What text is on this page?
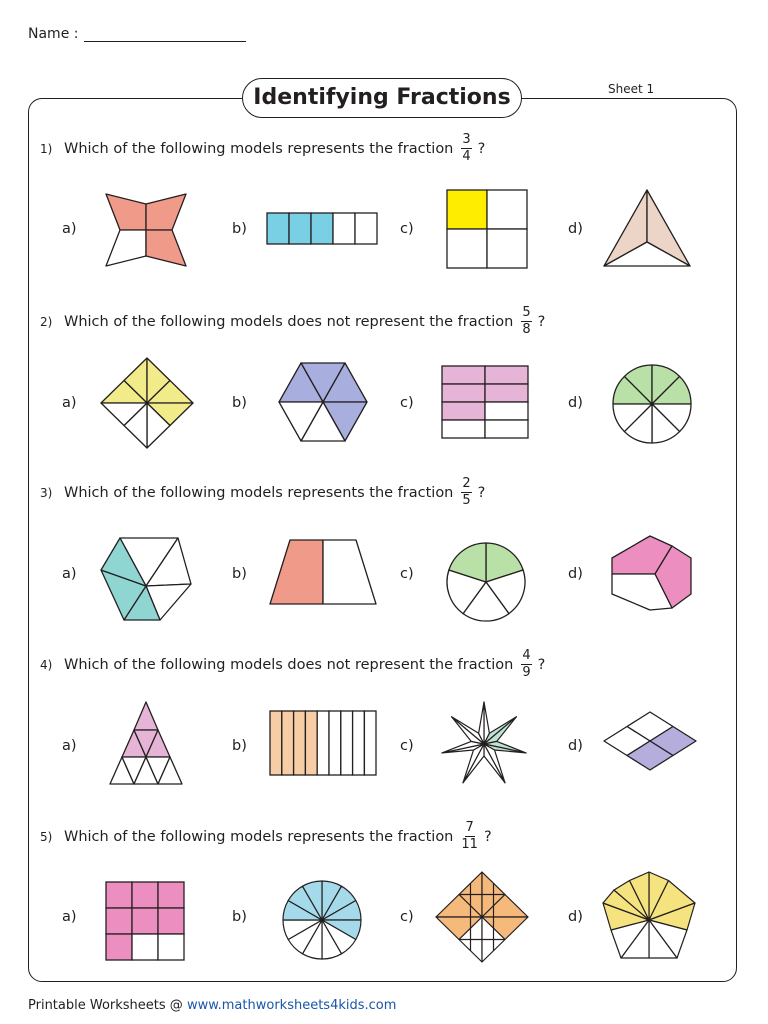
Name :
Identifying Fractions	Sheet 1
1) Which of the following models represents the fraction $\frac{3}{4}$ ?
a)	b)	c)	d)
2) Which of the following models does not represent the fraction $\frac{5}{8}$ ?
a)	b)	c)	d)
3) Which of the following models represents the fraction $\frac{2}{5}$ ?
a)	b)	c)	d)
4) Which of the following models does not represent the fraction $\frac{4}{9}$ ?
a)	b)	c)	d)
5) Which of the following models represents the fraction $\frac{7}{11}$ ?
a)	b)	c)	d)
Printable Worksheets @ www.mathworksheets4kids.com
